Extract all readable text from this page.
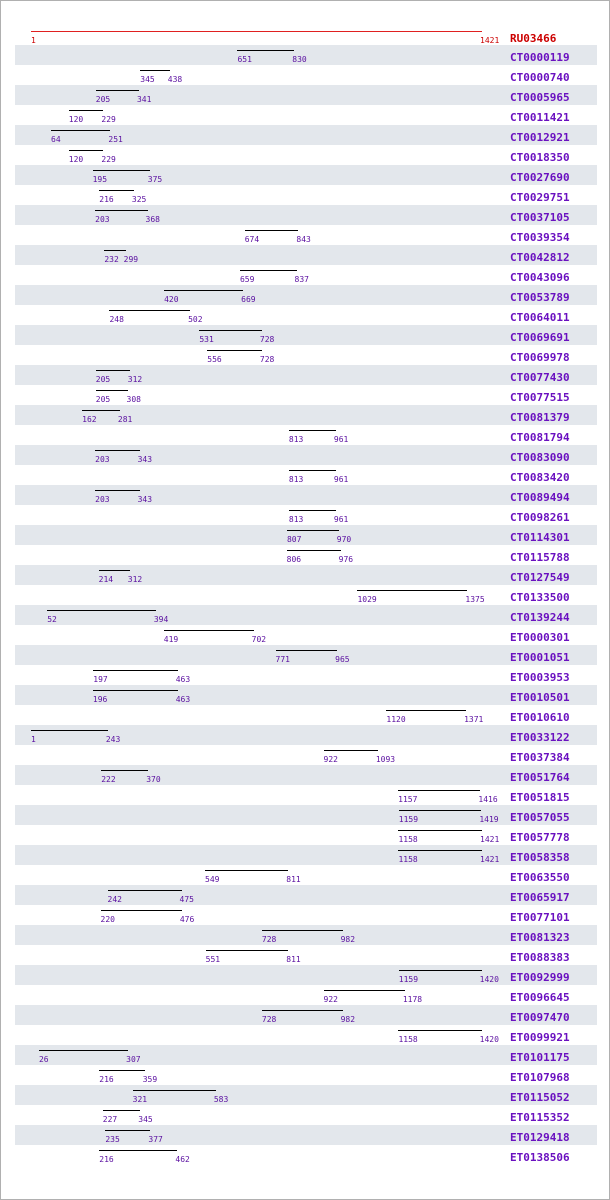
1	1421 RU03466
651	830	CT0000119
345 438	CT0000740
205	341	CT0005965
120 229	CT0011421
64	251	CT0012921
120 229	CT0018350
195	375	CT0027690
216 325	CT0029751
203	368	CT0037105
674	843	CT0039354
232 299	CT0042812
659	837	CT0043096
420	669	CT0053789
248	502	CT0064011
531	728	CT0069691
556	728	CT0069978
205 312	CT0077430
205 308	CT0077515
162	281	CT0081379
813	961	CT0081794
203	343	CT0083090
813	961	CT0083420
203	343	CT0089494
813	961	CT0098261
807	970	CT0114301
806	976	CT0115788
214 312	CT0127549
1029	1375 CT0133500
52	394	CT0139244
419	702	ET0000301
771	965	ET0001051
197	463	ET0003953
196	463	ET0010501
1120	1371 ET0010610
1	243	ET0033122
922	1093	ET0037384
222	370	ET0051764
1157	1416 ET0051815
1159	1419 ET0057055
1158	1421 ET0057778
1158	1421 ET0058358
549	811	ET0063550
242	475	ET0065917
220	476	ET0077101
728	982	ET0081323
551	811	ET0088383
1159	1420 ET0092999
922	1178	ET0096645
728	982	ET0097470
1158	1420 ET0099921
26	307	ET0101175
216	359	ET0107968
321	583	ET0115052
227	345	ET0115352
235	377	ET0129418
216	462	ET0138506
